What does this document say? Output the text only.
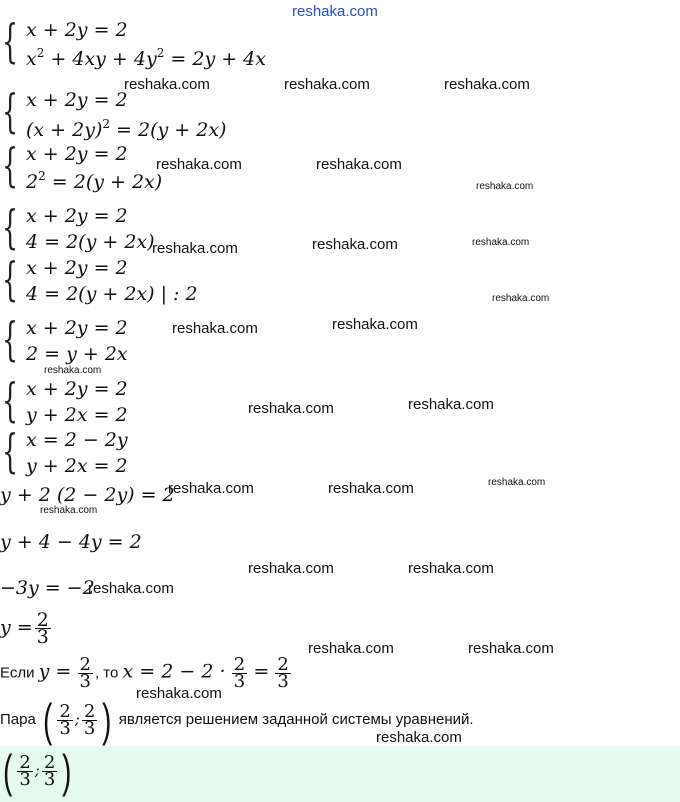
reshaka.com
{ x + 2y = 2
$x^2 + 4xy + 4y^2 = 2y + 4x$
{ x + 2y = 2
$(x + 2y)^2 = 2(y + 2x)$
{ x + 2y = 2
$2^2 = 2(y + 2x)$
{ x + 2y = 2
4 = 2(y + 2x)
{ x + 2y = 2
4 = 2(y + 2x) | : 2
{ x + 2y = 2
2 = y + 2x
{ x + 2y = 2
y + 2x = 2
{ x = 2 − 2y
y + 2x = 2
y + 2 (2 − 2y) = 2
y + 4 − 4y = 2
−3y = −2
$y = \frac{2}{3}$
Если $y = \frac{2}{3}$ , то $x = 2 - 2 \cdot \frac{2}{3} = \frac{2}{3}$
Пара ( $\frac{2}{3}$ ; $\frac{2}{3}$ ) является решением заданной системы уравнений.
( $\frac{2}{3}$ ; $\frac{2}{3}$ )
reshaka.com	reshaka.com	reshaka.com
reshaka.com	reshaka.com
reshaka.com
reshaka.com	reshaka.com	reshaka.com
reshaka.com
reshaka.com	reshaka.com
reshaka.com
reshaka.com	reshaka.com
reshaka.com	reshaka.com	reshaka.com
reshaka.com
reshaka.com	reshaka.com
reshaka.com
reshaka.com	reshaka.com
reshaka.com
reshaka.com
